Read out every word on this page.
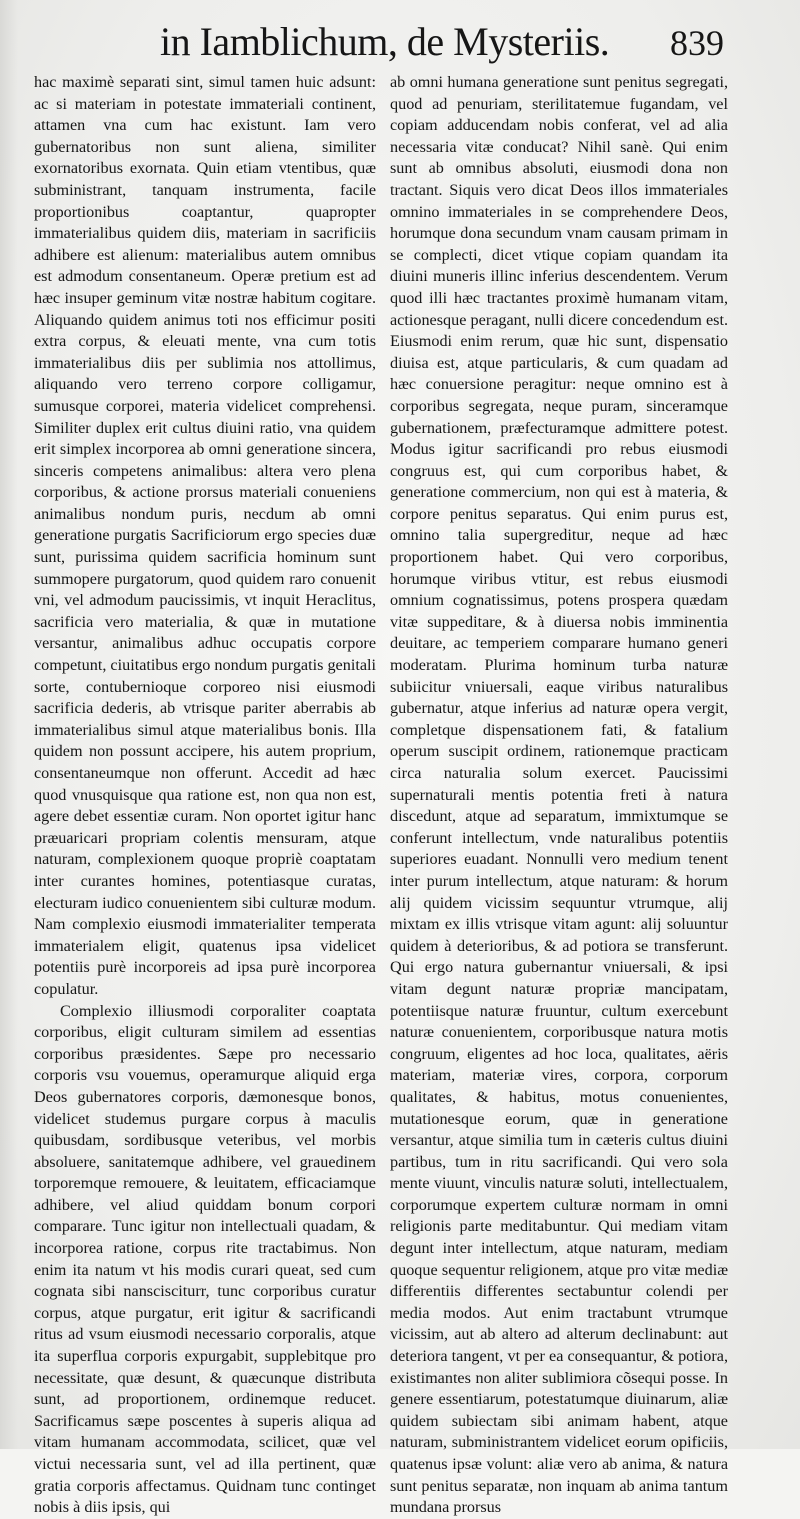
in Iamblichum, de Mysteriis. 839

hac maximè separati sint, simul tamen huic adsunt: ac si materiam in potestate immateriali continent, attamen vna cum hac existunt. Iam vero gubernatoribus non sunt aliena, similiter exornatoribus exornata. Quin etiam vtentibus, quæ subministrant, tanquam instrumenta, facile proportionibus coaptantur, quapropter immaterialibus quidem diis, materiam in sacrificiis adhibere est alienum: materialibus autem omnibus est admodum consentaneum. Operæ pretium est ad hæc insuper geminum vitæ nostræ habitum cogitare. Aliquando quidem animus toti nos efficimur positi extra corpus, & eleuati mente, vna cum totis immaterialibus diis per sublimia nos attollimus, aliquando vero terreno corpore colligamur, sumusque corporei, materia videlicet comprehensi. Similiter duplex erit cultus diuini ratio, vna quidem erit simplex incorporea ab omni generatione sincera, sinceris competens animalibus: altera vero plena corporibus, & actione prorsus materiali conueniens animalibus nondum puris, necdum ab omni generatione purgatis Sacrificiorum ergo species duæ sunt, purissima quidem sacrificia hominum sunt summopere purgatorum, quod quidem raro conuenit vni, vel admodum paucissimis, vt inquit Heraclitus, sacrificia vero materialia, & quæ in mutatione versantur, animalibus adhuc occupatis corpore competunt, ciuitatibus ergo nondum purgatis genitali sorte, contubernioque corporeo nisi eiusmodi sacrificia dederis, ab vtrisque pariter aberrabis ab immaterialibus simul atque materialibus bonis. Illa quidem non possunt accipere, his autem proprium, consentaneumque non offerunt. Accedit ad hæc quod vnusquisque qua ratione est, non qua non est, agere debet essentiæ curam. Non oportet igitur hanc præuaricari propriam colentis mensuram, atque naturam, complexionem quoque propriè coaptatam inter curantes homines, potentiasque curatas, electuram iudico conuenientem sibi culturæ modum. Nam complexio eiusmodi immaterialiter temperata immaterialem eligit, quatenus ipsa videlicet potentiis purè incorporeis ad ipsa purè incorporea copulatur.

Complexio illiusmodi corporaliter coaptata corporibus, eligit culturam similem ad essentias corporibus præsidentes. Sæpe pro necessario corporis vsu vouemus, operamurque aliquid erga Deos gubernatores corporis, dæmonesque bonos, videlicet studemus purgare corpus à maculis quibusdam, sordibusque veteribus, vel morbis absoluere, sanitatemque adhibere, vel grauedinem torporemque remouere, & leuitatem, efficaciamque adhibere, vel aliud quiddam bonum corpori comparare. Tunc igitur non intellectuali quadam, & incorporea ratione, corpus rite tractabimus. Non enim ita natum vt his modis curari queat, sed cum cognata sibi nanscisciturr, tunc corporibus curatur corpus, atque purgatur, erit igitur & sacrificandi ritus ad vsum eiusmodi necessario corporalis, atque ita superflua corporis expurgabit, supplebitque pro necessitate, quæ desunt, & quæcunque distributa sunt, ad proportionem, ordinemque reducet. Sacrificamus sæpe poscentes à superis aliqua ad vitam humanam accommodata, scilicet, quæ vel victui necessaria sunt, vel ad illa pertinent, quæ gratia corporis affectamus. Quidnam tunc continget nobis à diis ipsis, qui

ab omni humana generatione sunt penitus segregati, quod ad penuriam, sterilitatemue fugandam, vel copiam adducendam nobis conferat, vel ad alia necessaria vitæ conducat? Nihil sanè. Qui enim sunt ab omnibus absoluti, eiusmodi dona non tractant. Siquis vero dicat Deos illos immateriales omnino immateriales in se comprehendere Deos, horumque dona secundum vnam causam primam in se complecti, dicet vtique copiam quandam ita diuini muneris illinc inferius descendentem. Verum quod illi hæc tractantes proximè humanam vitam, actionesque peragant, nulli dicere concedendum est. Eiusmodi enim rerum, quæ hic sunt, dispensatio diuisa est, atque particularis, & cum quadam ad hæc conuersione peragitur: neque omnino est à corporibus segregata, neque puram, sinceramque gubernationem, præfecturamque admittere potest. Modus igitur sacrificandi pro rebus eiusmodi congruus est, qui cum corporibus habet, & generatione commercium, non qui est à materia, & corpore penitus separatus. Qui enim purus est, omnino talia supergreditur, neque ad hæc proportionem habet. Qui vero corporibus, horumque viribus vtitur, est rebus eiusmodi omnium cognatissimus, potens prospera quædam vitæ suppeditare, & à diuersa nobis imminentia deuitare, ac temperiem comparare humano generi moderatam. Plurima hominum turba naturæ subiicitur vniuersali, eaque viribus naturalibus gubernatur, atque inferius ad naturæ opera vergit, completque dispensationem fati, & fatalium operum suscipit ordinem, rationemque practicam circa naturalia solum exercet. Paucissimi supernaturali mentis potentia freti à natura discedunt, atque ad separatum, immixtumque se conferunt intellectum, vnde naturalibus potentiis superiores euadant. Nonnulli vero medium tenent inter purum intellectum, atque naturam: & horum alij quidem vicissim sequuntur vtrumque, alij mixtam ex illis vtrisque vitam agunt: alij soluuntur quidem à deterioribus, & ad potiora se transferunt. Qui ergo natura gubernantur vniuersali, & ipsi vitam degunt naturæ propriæ mancipatam, potentiisque naturæ fruuntur, cultum exercebunt naturæ conuenientem, corporibusque natura motis congruum, eligentes ad hoc loca, qualitates, aëris materiam, materiæ vires, corpora, corporum qualitates, & habitus, motus conuenientes, mutationesque eorum, quæ in generatione versantur, atque similia tum in cæteris cultus diuini partibus, tum in ritu sacrificandi. Qui vero sola mente viuunt, vinculis naturæ soluti, intellectualem, corporumque expertem culturæ normam in omni religionis parte meditabuntur. Qui mediam vitam degunt inter intellectum, atque naturam, mediam quoque sequentur religionem, atque pro vitæ mediæ differentiis differentes sectabuntur colendi per media modos. Aut enim tractabunt vtrumque vicissim, aut ab altero ad alterum declinabunt: aut deteriora tangent, vt per ea consequantur, & potiora, existimantes non aliter sublimiora cõsequi posse. In genere essentiarum, potestatumque diuinarum, aliæ quidem subiectam sibi animam habent, atque naturam, subministrantem videlicet eorum opificiis, quatenus ipsæ volunt: aliæ vero ab anima, & natura sunt penitus separatæ, non inquam ab anima tantum mundana prorsus
